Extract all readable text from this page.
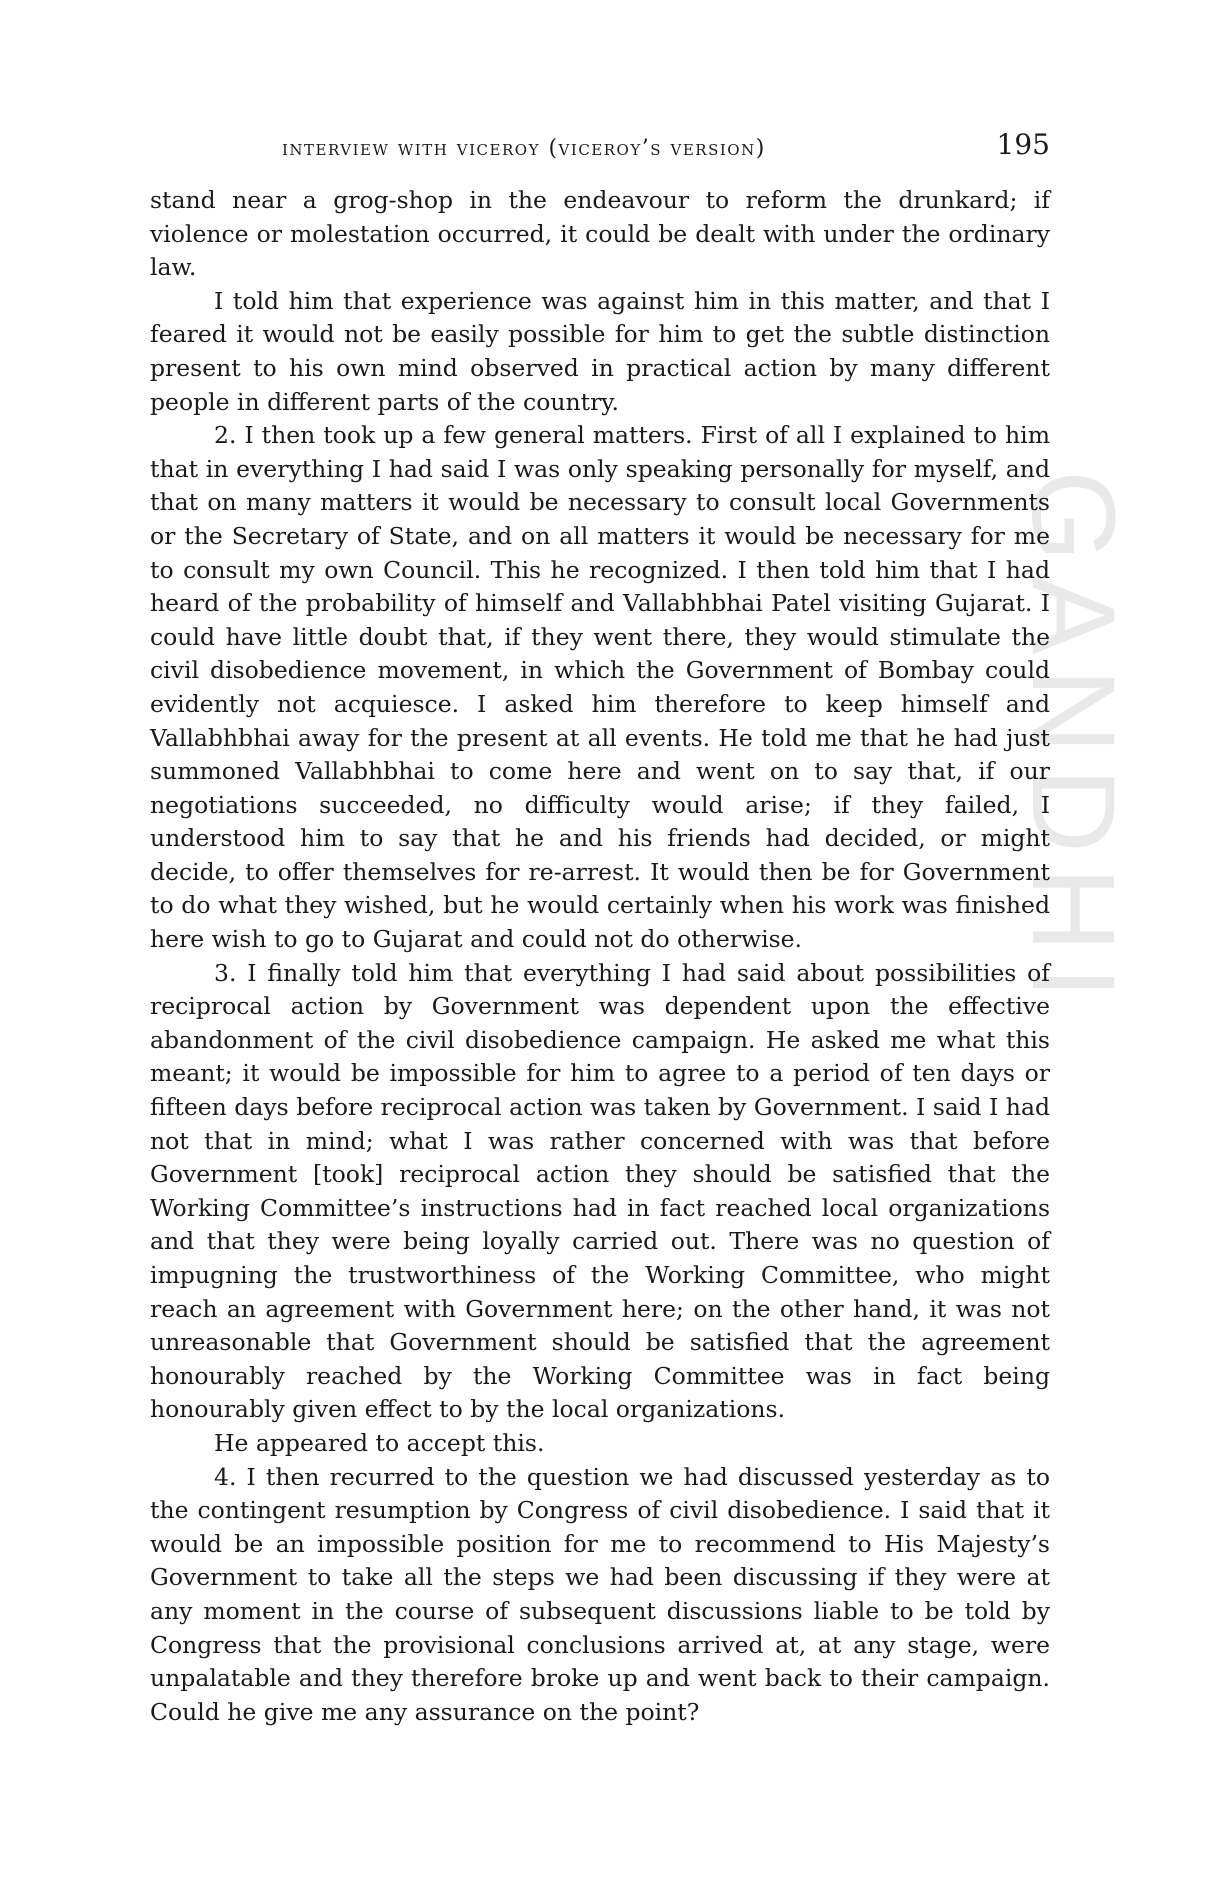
GANDHI
interview with viceroy (viceroy’s version)	195

stand near a grog-shop in the endeavour to reform the drunkard; if violence or molestation occurred, it could be dealt with under the ordinary law.

I told him that experience was against him in this matter, and that I feared it would not be easily possible for him to get the subtle distinction present to his own mind observed in practical action by many different people in different parts of the country.

2. I then took up a few general matters. First of all I explained to him that in everything I had said I was only speaking personally for myself, and that on many matters it would be necessary to consult local Governments or the Secretary of State, and on all matters it would be necessary for me to consult my own Council. This he recognized. I then told him that I had heard of the probability of himself and Vallabhbhai Patel visiting Gujarat. I could have little doubt that, if they went there, they would stimulate the civil disobedience movement, in which the Government of Bombay could evidently not acquiesce. I asked him therefore to keep himself and Vallabhbhai away for the present at all events. He told me that he had just summoned Vallabhbhai to come here and went on to say that, if our negotiations succeeded, no difficulty would arise; if they failed, I understood him to say that he and his friends had decided, or might decide, to offer themselves for re-arrest. It would then be for Government to do what they wished, but he would certainly when his work was finished here wish to go to Gujarat and could not do otherwise.

3. I finally told him that everything I had said about possibilities of reciprocal action by Government was dependent upon the effective abandonment of the civil disobedience campaign. He asked me what this meant; it would be impossible for him to agree to a period of ten days or fifteen days before reciprocal action was taken by Government. I said I had not that in mind; what I was rather concerned with was that before Government [took] reciprocal action they should be satisfied that the Working Committee’s instructions had in fact reached local organizations and that they were being loyally carried out. There was no question of impugning the trustworthiness of the Working Committee, who might reach an agreement with Government here; on the other hand, it was not unreasonable that Government should be satisfied that the agreement honourably reached by the Working Committee was in fact being honourably given effect to by the local organizations.

He appeared to accept this.

4. I then recurred to the question we had discussed yesterday as to the contingent resumption by Congress of civil disobedience. I said that it would be an impossible position for me to recommend to His Majesty’s Government to take all the steps we had been discussing if they were at any moment in the course of subsequent discussions liable to be told by Congress that the provisional conclusions arrived at, at any stage, were unpalatable and they therefore broke up and went back to their campaign. Could he give me any assurance on the point?
